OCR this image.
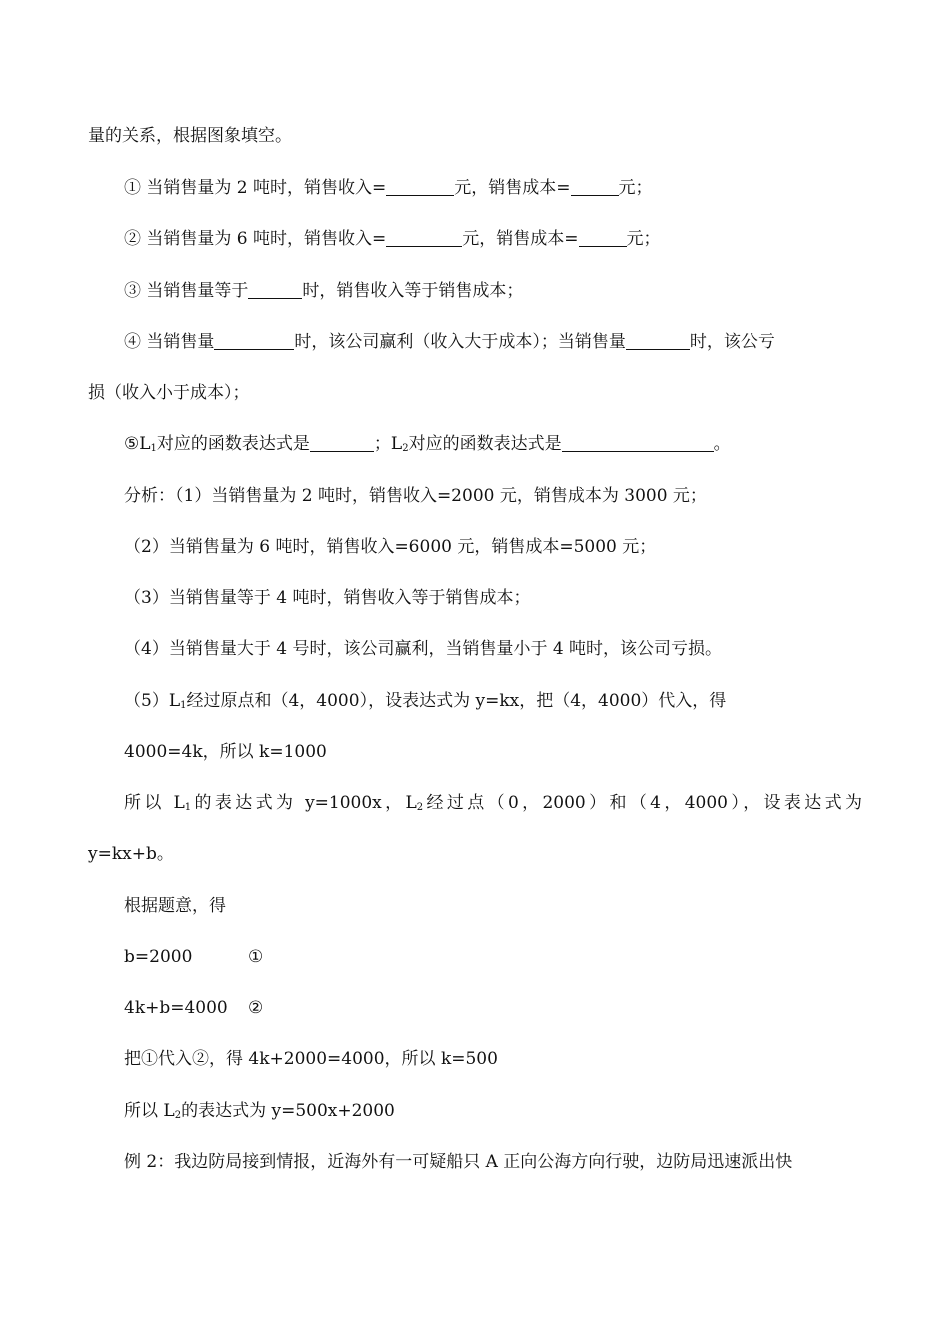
量的关系，根据图象填空。
① 当销售量为 2 吨时，销售收入=	元，销售成本=	元；
② 当销售量为 6 吨时，销售收入=	元，销售成本=	元；
③ 当销售量等于	时，销售收入等于销售成本；
④ 当销售量	时，该公司赢利（收入大于成本）；当销售量	时，该公亏
损（收入小于成本）；
$⑤L_1$对应的函数表达式是	；$L_2$对应的函数表达式是	。
分析：（1）当销售量为 2 吨时，销售收入=2000 元，销售成本为 3000 元；
（2）当销售量为 6 吨时，销售收入=6000 元，销售成本=5000 元；
（3）当销售量等于 4 吨时，销售收入等于销售成本；
（4）当销售量大于 4 号时，该公司赢利，当销售量小于 4 吨时，该公司亏损。
$(5)L_1$经过原点和（4，4000），设表达式为 y=kx，把（4，4000）代入，得
4000=4k，所以 k=1000
所以 $L_1$的表达式为 y=1000x，$L_2$经过点（0，2000）和（4，4000），设表达式为
y=kx+b。
根据题意，得
b=2000	①
4k+b=4000 ②
把①代入②，得 4k+2000=4000，所以 k=500
所以 $L_2$的表达式为 y=500x+2000
例 2：我边防局接到情报，近海外有一可疑船只 A 正向公海方向行驶，边防局迅速派出快
